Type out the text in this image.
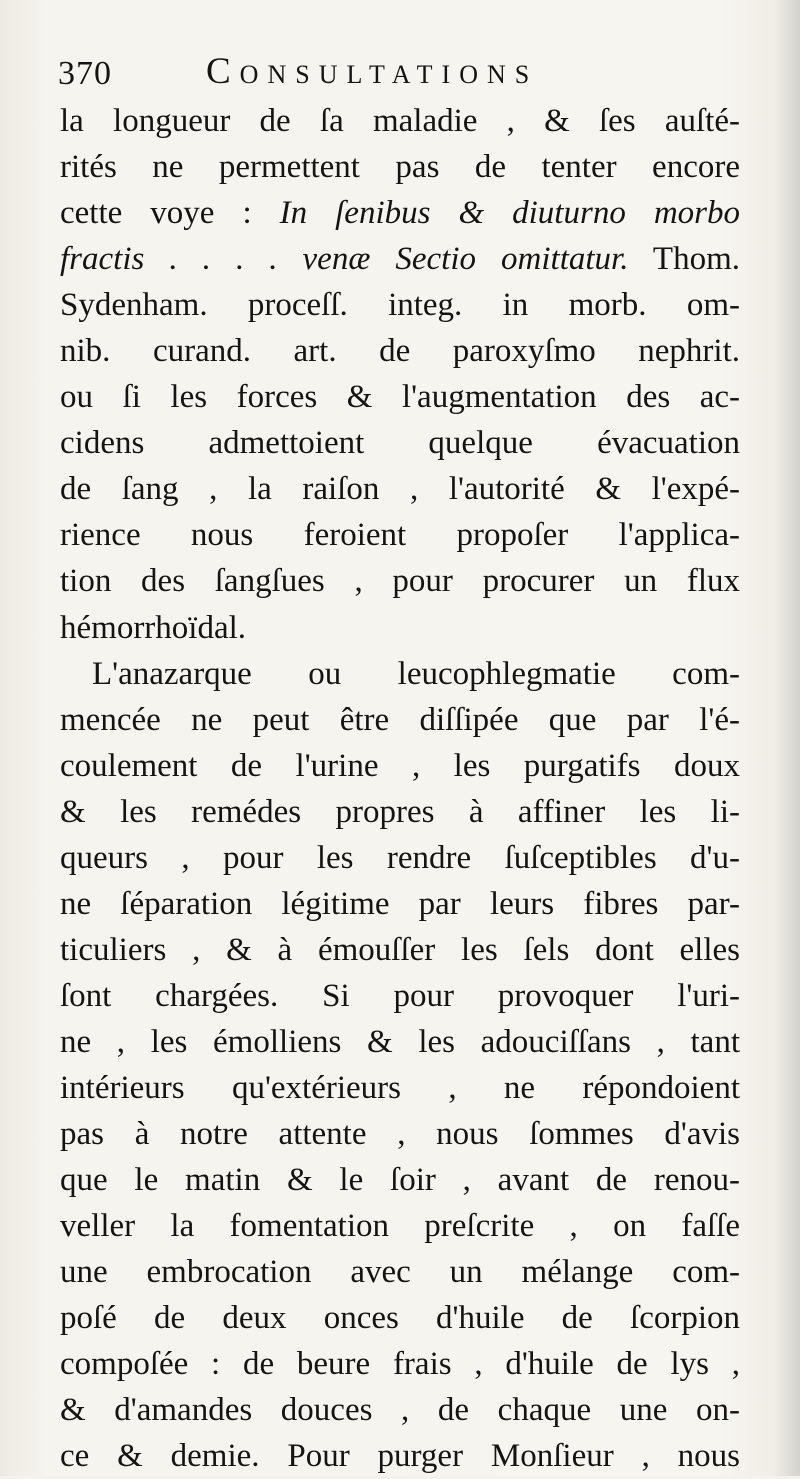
370	Consultations
la longueur de ſa maladie , & ſes auſté-
rités ne permettent pas de tenter encore
cette voye : In ſenibus & diuturno morbo
fractis . . . . venæ Sectio omittatur. Thom.
Sydenham. proceſſ. integ. in morb. om-
nib. curand. art. de paroxyſmo nephrit.
ou ſi les forces & l'augmentation des ac-
cidens admettoient quelque évacuation
de ſang , la raiſon , l'autorité & l'expé-
rience nous feroient propoſer l'applica-
tion des ſangſues , pour procurer un flux
hémorrhoïdal.
L'anazarque ou leucophlegmatie com-
mencée ne peut être diſſipée que par l'é-
coulement de l'urine , les purgatifs doux
& les remédes propres à affiner les li-
queurs , pour les rendre ſuſceptibles d'u-
ne ſéparation légitime par leurs fibres par-
ticuliers , & à émouſſer les ſels dont elles
ſont chargées. Si pour provoquer l'uri-
ne , les émolliens & les adouciſſans , tant
intérieurs qu'extérieurs , ne répondoient
pas à notre attente , nous ſommes d'avis
que le matin & le ſoir , avant de renou-
veller la fomentation preſcrite , on faſſe
une embrocation avec un mélange com-
poſé de deux onces d'huile de ſcorpion
compoſée : de beure frais , d'huile de lys ,
& d'amandes douces , de chaque une on-
ce & demie. Pour purger Monſieur , nous
